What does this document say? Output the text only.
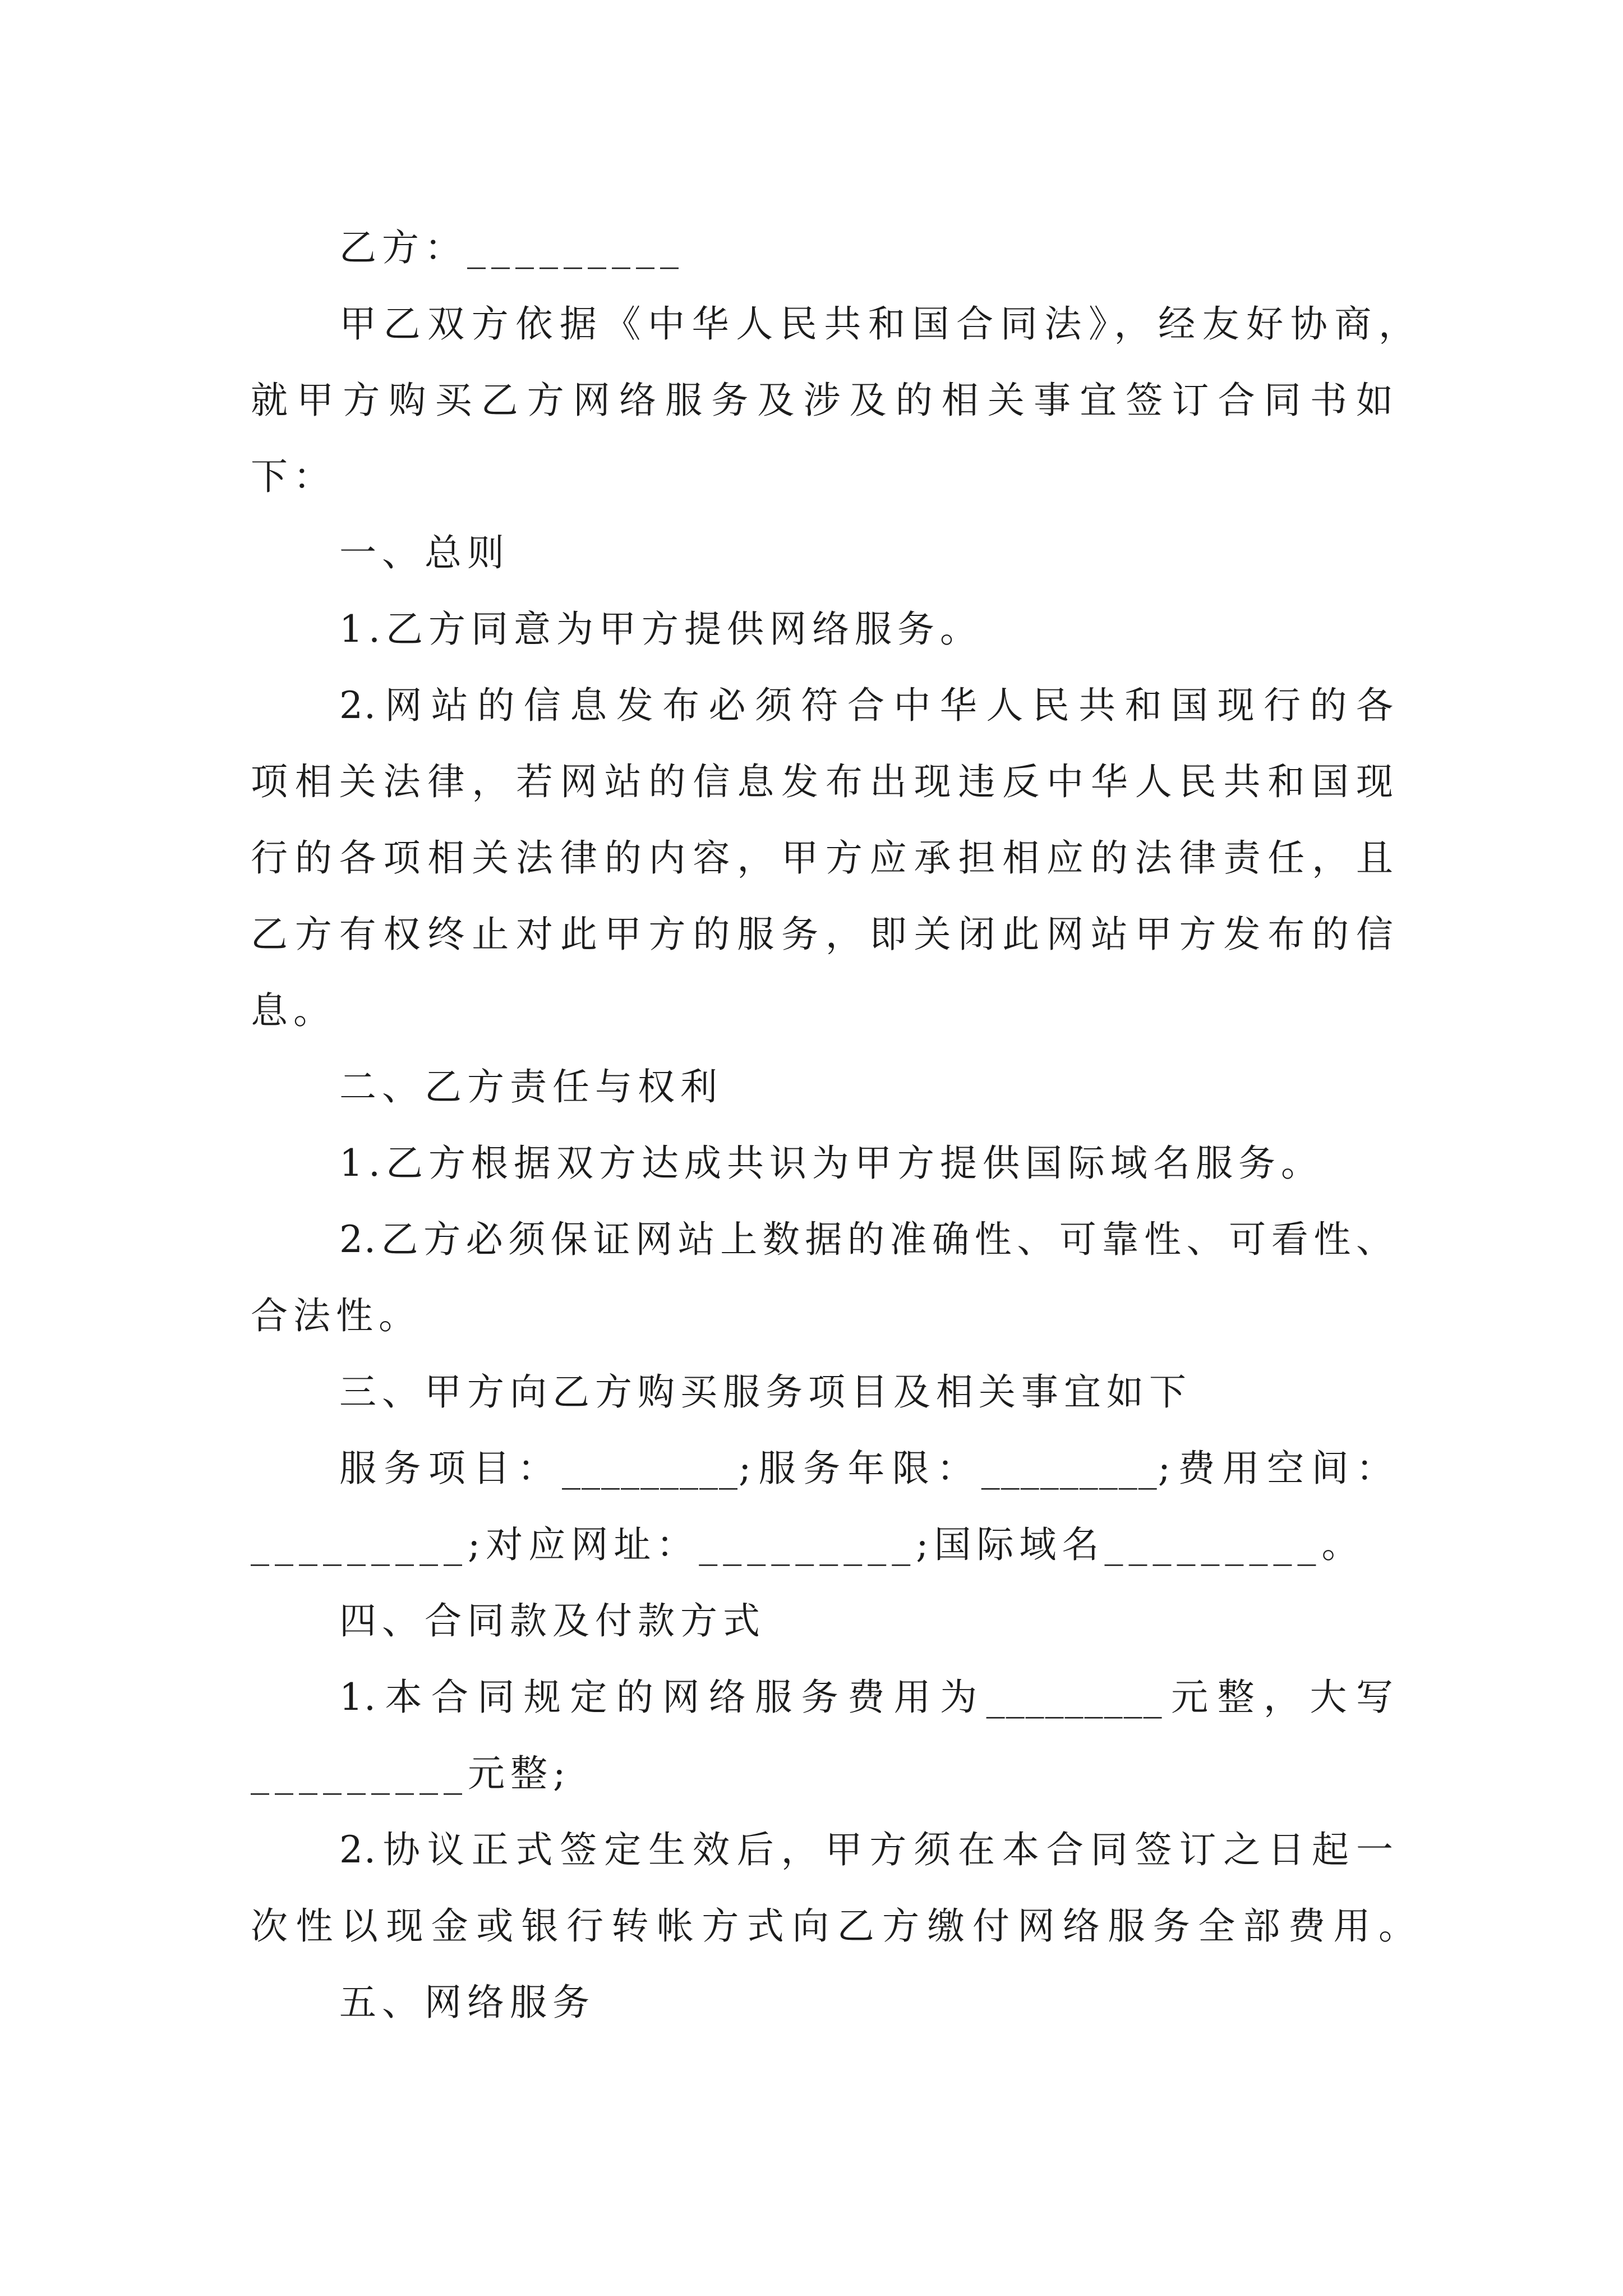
乙方：_________
甲乙双方依据《中华人民共和国合同法》，经友好协商，
就甲方购买乙方网络服务及涉及的相关事宜签订合同书如
下：
一、总则
1.乙方同意为甲方提供网络服务。
2.网站的信息发布必须符合中华人民共和国现行的各
项相关法律，若网站的信息发布出现违反中华人民共和国现
行的各项相关法律的内容，甲方应承担相应的法律责任，且
乙方有权终止对此甲方的服务，即关闭此网站甲方发布的信
息。
二、乙方责任与权利
1.乙方根据双方达成共识为甲方提供国际域名服务。
2.乙方必须保证网站上数据的准确性、可靠性、可看性、
合法性。
三、甲方向乙方购买服务项目及相关事宜如下
服务项目：_________;服务年限：_________;费用空间：
_________;对应网址：_________;国际域名_________。
四、合同款及付款方式
1.本合同规定的网络服务费用为_________元整，大写
_________元整;
2.协议正式签定生效后，甲方须在本合同签订之日起一
次性以现金或银行转帐方式向乙方缴付网络服务全部费用。
五、网络服务
